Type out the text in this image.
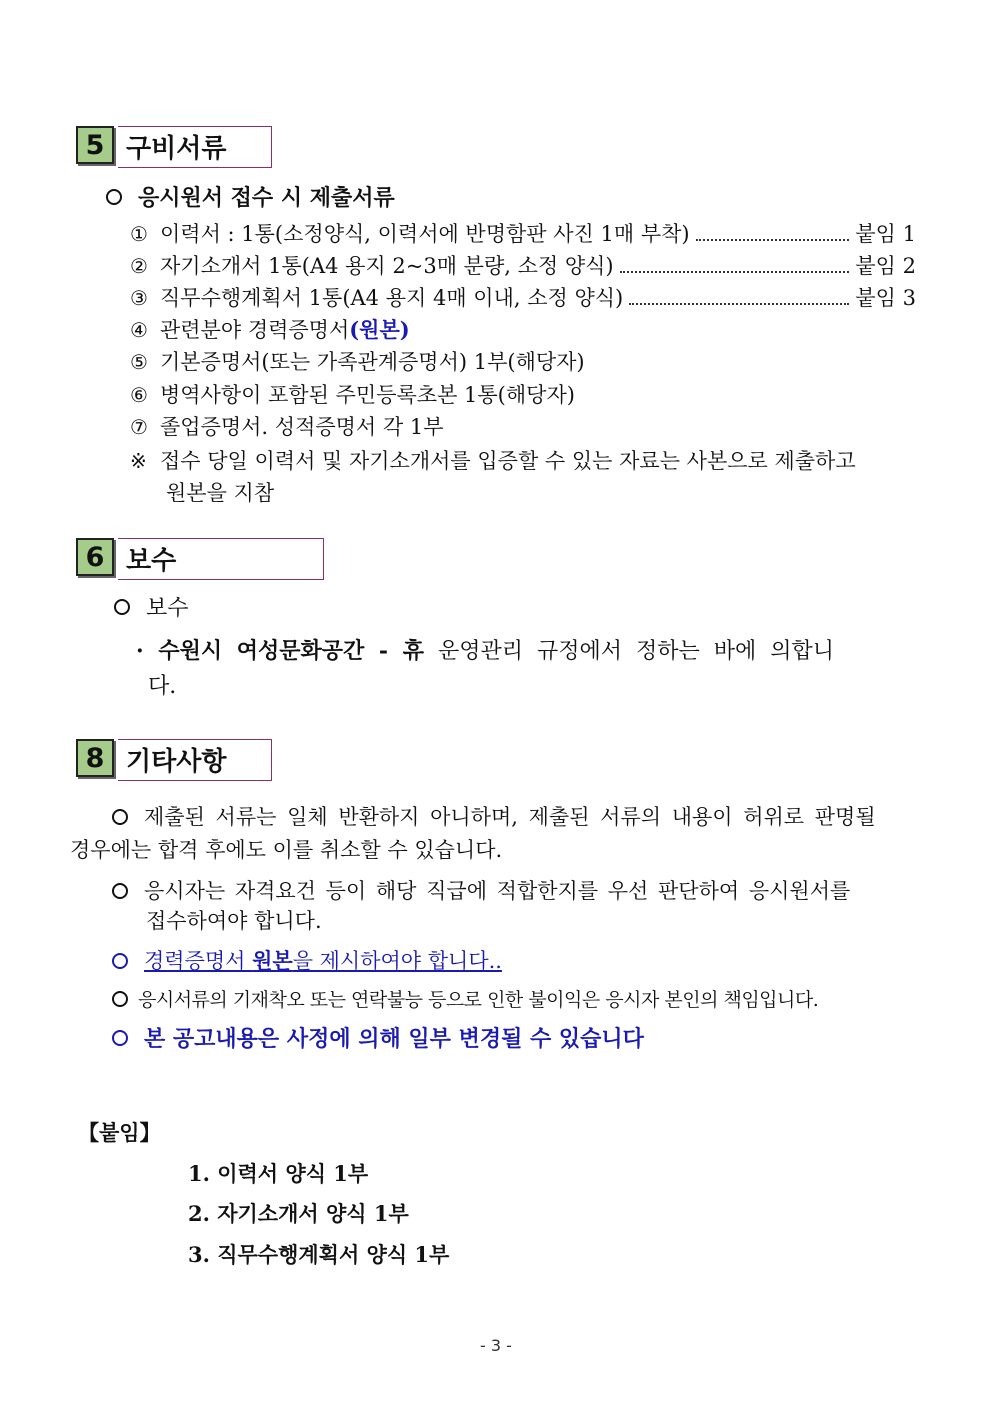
5 구비서류
응시원서 접수 시 제출서류
① 이력서 : 1통(소정양식, 이력서에 반명함판 사진 1매 부착)	붙임 1
② 자기소개서 1통(A4 용지 2~3매 분량, 소정 양식)	붙임 2
③ 직무수행계획서 1통(A4 용지 4매 이내, 소정 양식)	붙임 3
④ 관련분야 경력증명서(원본)
⑤ 기본증명서(또는 가족관계증명서) 1부(해당자)
⑥ 병역사항이 포함된 주민등록초본 1통(해당자)
⑦ 졸업증명서. 성적증명서 각 1부
※ 접수 당일 이력서 및 자기소개서를 입증할 수 있는 자료는 사본으로 제출하고
원본을 지참
6 보수
보수
· 수원시 여성문화공간 - 휴 운영관리 규정에서 정하는 바에 의합니
다.
8 기타사항
제출된 서류는 일체 반환하지 아니하며, 제출된 서류의 내용이 허위로 판명될
경우에는 합격 후에도 이를 취소할 수 있습니다.
응시자는 자격요건 등이 해당 직급에 적합한지를 우선 판단하여 응시원서를
접수하여야 합니다.
경력증명서 원본을 제시하여야 합니다..
응시서류의 기재착오 또는 연락불능 등으로 인한 불이익은 응시자 본인의 책임입니다.
본 공고내용은 사정에 의해 일부 변경될 수 있습니다
【붙임】
1. 이력서 양식 1부
2. 자기소개서 양식 1부
3. 직무수행계획서 양식 1부
- 3 -
